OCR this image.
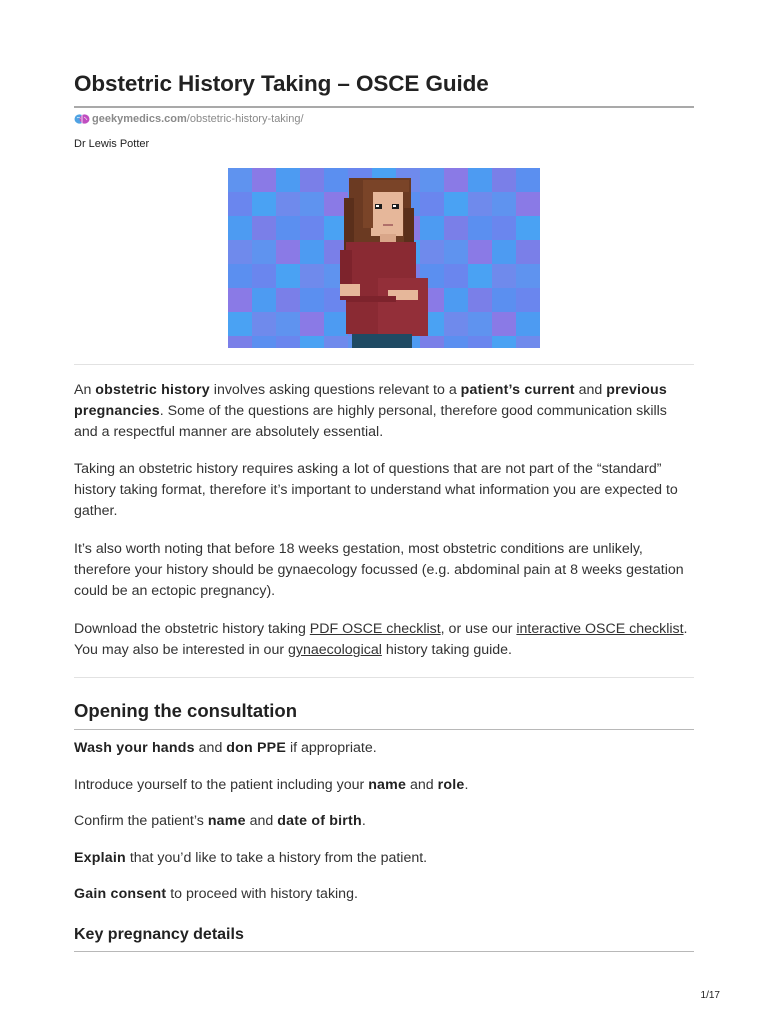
Obstetric History Taking – OSCE Guide
geekymedics.com /obstetric-history-taking/
Dr Lewis Potter

An obstetric history involves asking questions relevant to a patient’s current and previous pregnancies. Some of the questions are highly personal, therefore good communication skills and a respectful manner are absolutely essential.

Taking an obstetric history requires asking a lot of questions that are not part of the “standard” history taking format, therefore it’s important to understand what information you are expected to gather.

It’s also worth noting that before 18 weeks gestation, most obstetric conditions are unlikely, therefore your history should be gynaecology focussed (e.g. abdominal pain at 8 weeks gestation could be an ectopic pregnancy).

Download the obstetric history taking PDF OSCE checklist, or use our interactive OSCE checklist. You may also be interested in our gynaecological history taking guide.

Opening the consultation

Wash your hands and don PPE if appropriate.

Introduce yourself to the patient including your name and role.

Confirm the patient’s name and date of birth.

Explain that you’d like to take a history from the patient.

Gain consent to proceed with history taking.

Key pregnancy details
1/17
